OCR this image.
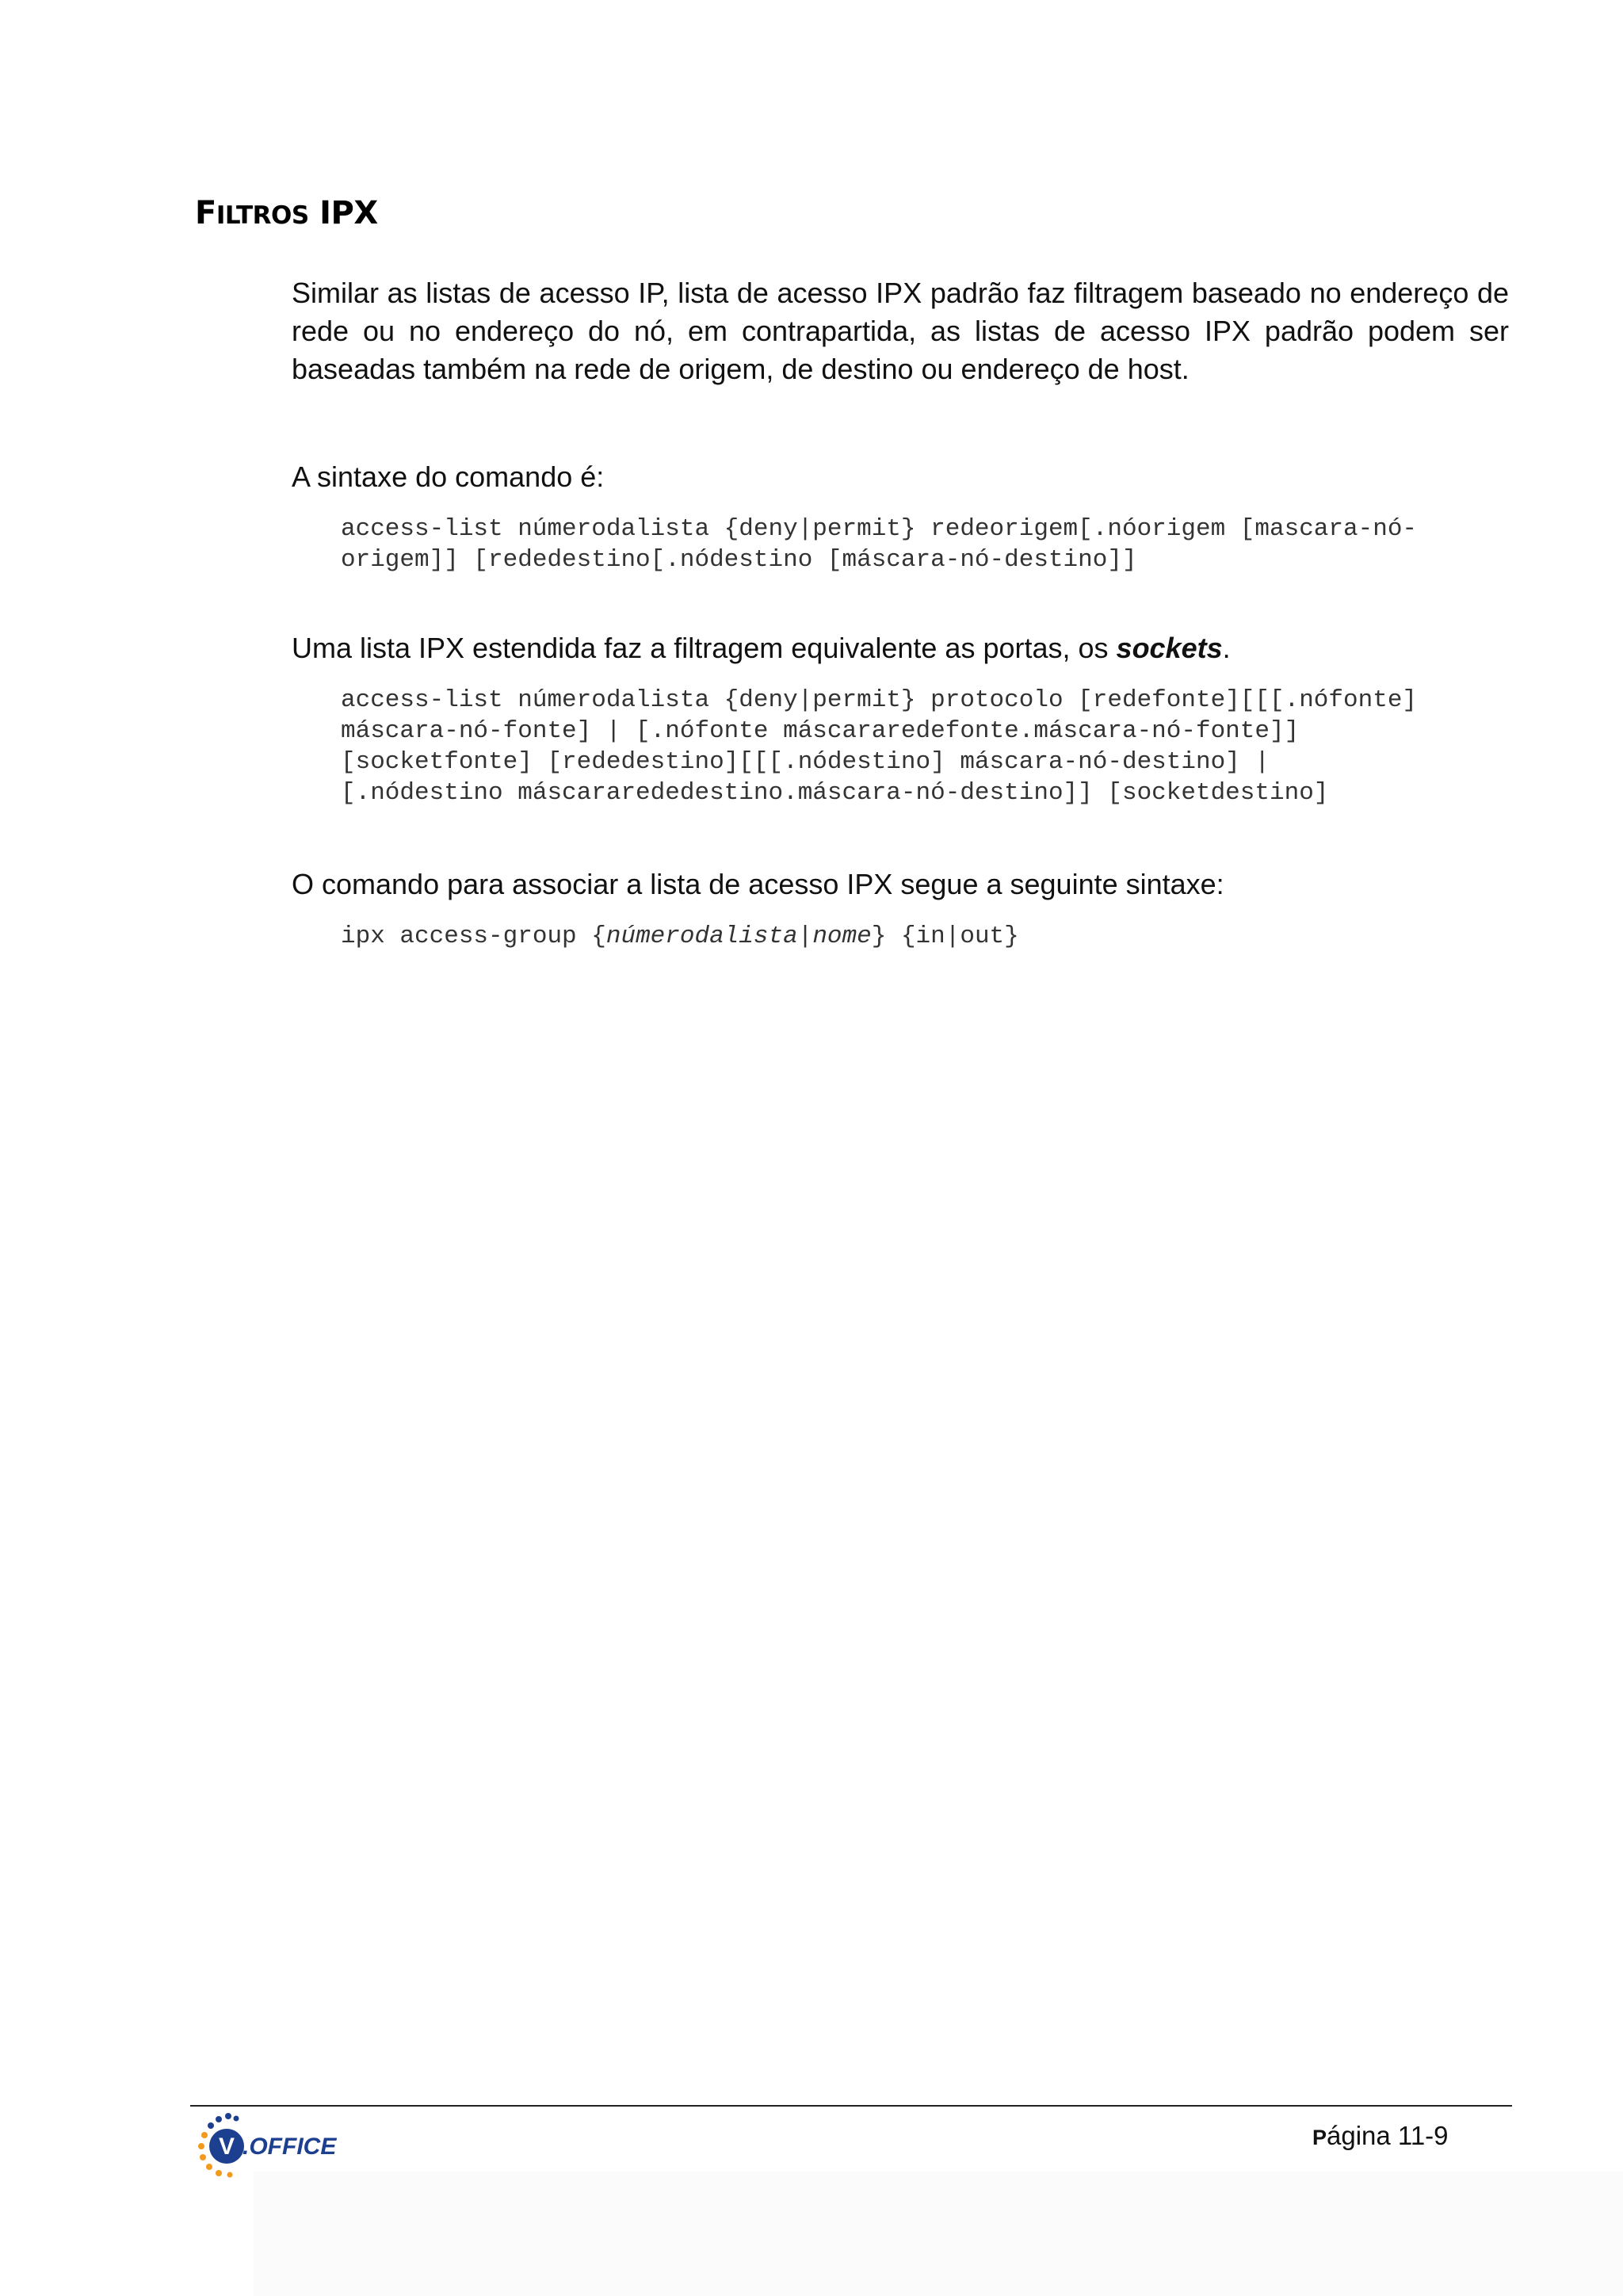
FILTROS IPX

Similar as listas de acesso IP, lista de acesso IPX padrão faz filtragem baseado no endereço de rede ou no endereço do nó, em contrapartida, as listas de acesso IPX padrão podem ser baseadas também na rede de origem, de destino ou endereço de host.

A sintaxe do comando é:

access-list númerodalista {deny|permit} redeorigem[.nóorigem [mascara-nó-
origem]] [rededestino[.nódestino [máscara-nó-destino]]

Uma lista IPX estendida faz a filtragem equivalente as portas, os sockets.

access-list númerodalista {deny|permit} protocolo [redefonte][[[.nófonte]
máscara-nó-fonte] | [.nófonte máscararedefonte.máscara-nó-fonte]]
[socketfonte] [rededestino][[[.nódestino] máscara-nó-destino] |
[.nódestino máscararededestino.máscara-nó-destino]] [socketdestino]

O comando para associar a lista de acesso IPX segue a seguinte sintaxe:

ipx access-group {númerodalista|nome} {in|out}
Página 11-9
V .OFFICE
